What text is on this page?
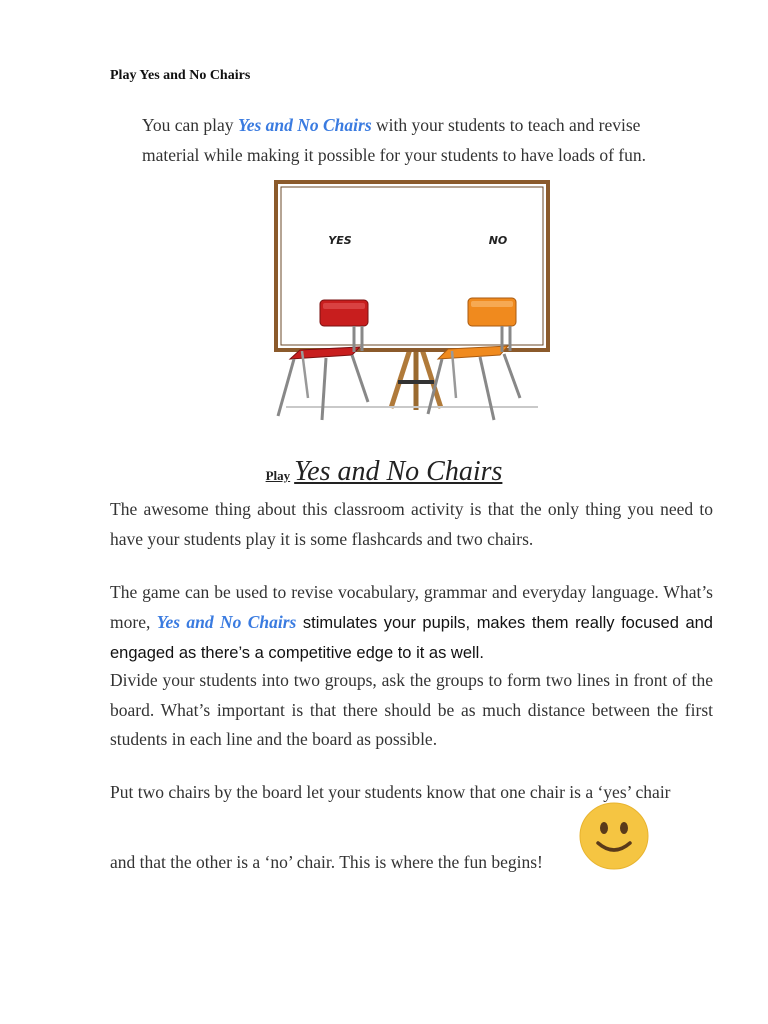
Play Yes and No Chairs
You can play Yes and No Chairs with your students to teach and revise material while making it possible for your students to have loads of fun.
YES	NO
Play Yes and No Chairs
The awesome thing about this classroom activity is that the only thing you need to have your students play it is some flashcards and two chairs.
The game can be used to revise vocabulary, grammar and everyday language. What’s more, Yes and No Chairs stimulates your pupils, makes them really focused and engaged as there’s a competitive edge to it as well.
Divide your students into two groups, ask the groups to form two lines in front of the board. What’s important is that there should be as much distance between the first students in each line and the board as possible.
Put two chairs by the board let your students know that one chair is a ‘yes’ chair
and that the other is a ‘no’ chair. This is where the fun begins!
